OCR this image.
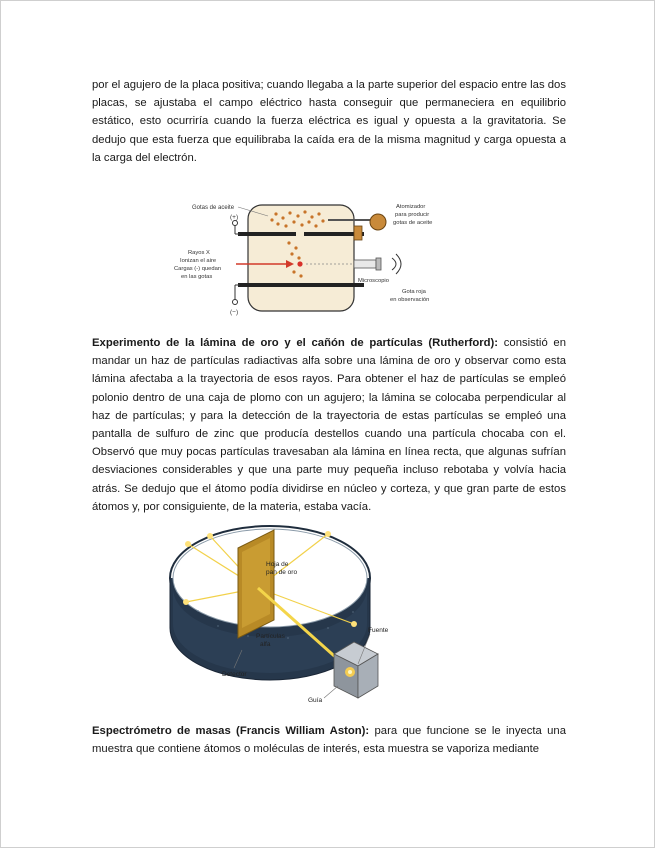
por el agujero de la placa positiva; cuando llegaba a la parte superior del espacio entre las dos placas, se ajustaba el campo eléctrico hasta conseguir que permaneciera en equilibrio estático, esto ocurriría cuando la fuerza eléctrica es igual y opuesta a la gravitatoria. Se dedujo que esta fuerza que equilibraba la caída era de la misma magnitud y carga opuesta a la carga del electrón.

(+)
(−)
Gotas de aceite
Rayos X
Ionizan el aire
Cargas (-) quedan
en las gotas
Atomizador
para producir
gotas de aceite
Microscopio
Gota roja
en observación

Experimento de la lámina de oro y el cañón de partículas (Rutherford): consistió en mandar un haz de partículas radiactivas alfa sobre una lámina de oro y observar como esta lámina afectaba a la trayectoria de esos rayos. Para obtener el haz de partículas se empleó polonio dentro de una caja de plomo con un agujero; la lámina se colocaba perpendicular al haz de partículas; y para la detección de la trayectoria de estas partículas se empleó una pantalla de sulfuro de zinc que producía destellos cuando una partícula chocaba con el. Observó que muy pocas partículas travesaban ala lámina en línea recta, que algunas sufrían desviaciones considerables y que una parte muy pequeña incluso rebotaba y volvía hacia atrás. Se dedujo que el átomo podía dividirse en núcleo y corteza, y que gran parte de estos átomos y, por consiguiente, de la materia, estaba vacía.

Hoja de
pan de oro
Partículas
alfa
Fuente
Detector
Guía

Espectrómetro de masas (Francis William Aston): para que funcione se le inyecta una muestra que contiene átomos o moléculas de interés, esta muestra se vaporiza mediante
